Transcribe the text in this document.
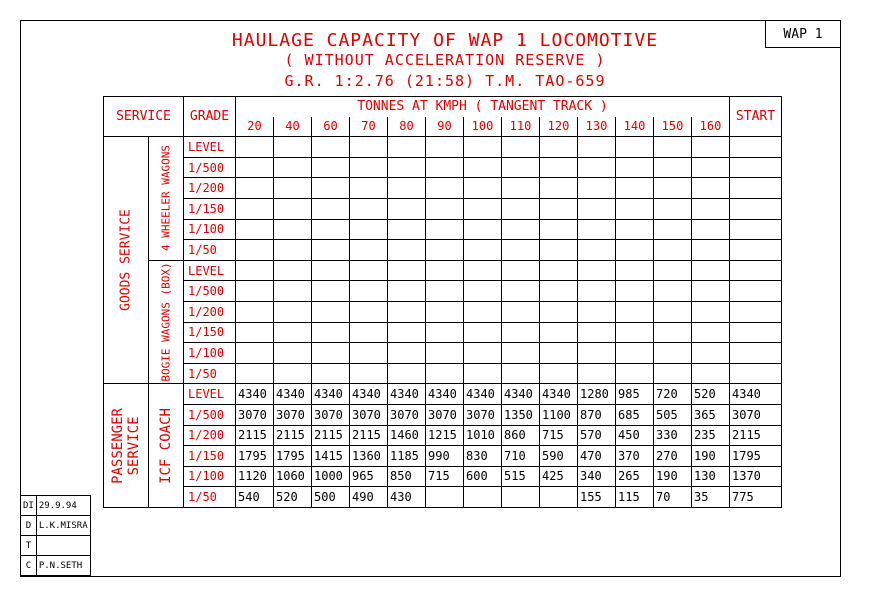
WAP 1
HAULAGE CAPACITY OF WAP 1 LOCOMOTIVE
( WITHOUT ACCELERATION RESERVE )
G.R. 1:2.76 (21:58) T.M. TAO-659
SERVICE		GRADE	TONNES AT KMPH ( TANGENT TRACK )													START
			20	40	60	70	80	90	100	110	120	130	140	150	160	

GOODS SERVICE	4 WHEELER WAGONS	LEVEL														
		1/500														
		1/200														
		1/150														
		1/100														
		1/50														

	BOGIE WAGONS (BOX)	LEVEL														
		1/500														
		1/200														
		1/150														
		1/100														
		1/50														

PASSENGER SERVICE	ICF COACH	LEVEL	4340	4340	4340	4340	4340	4340	4340	4340	4340	1280	985	720	520	4340
		1/500	3070	3070	3070	3070	3070	3070	3070	1350	1100	870	685	505	365	3070
		1/200	2115	2115	2115	2115	1460	1215	1010	860	715	570	450	330	235	2115
		1/150	1795	1795	1415	1360	1185	990	830	710	590	470	370	270	190	1795
		1/100	1120	1060	1000	965	850	715	600	515	425	340	265	190	130	1370
		1/50	540	520	500	490	430					155	115	70	35	775
DI	29.9.94
D	L.K.MISRA
T	
C	P.N.SETH
